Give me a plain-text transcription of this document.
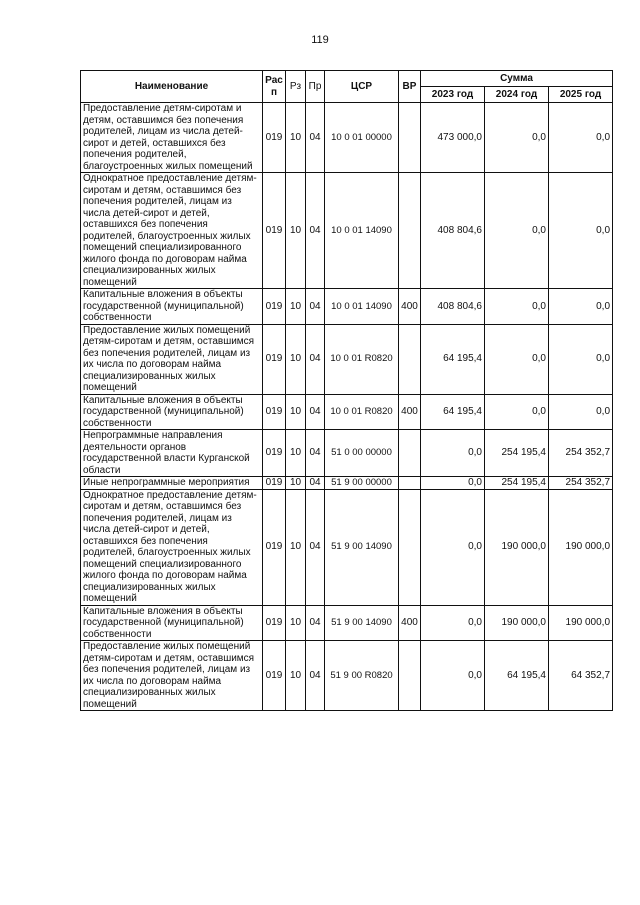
119
Наименование	Рас п	Рз	Пр	ЦСР	ВР	Сумма		
						2023 год	2024 год	2025 год
Предоставление детям-сиротам и детям, оставшимся без попечения родителей, лицам из числа детей-сирот и детей, оставшихся без попечения родителей, благоустроенных жилых помещений	019	10	04	10 0 01 00000		473 000,0	0,0	0,0
Однократное предоставление детям-сиротам и детям, оставшимся без попечения родителей, лицам из числа детей-сирот и детей, оставшихся без попечения родителей, благоустроенных жилых помещений специализированного жилого фонда по договорам найма специализированных жилых помещений	019	10	04	10 0 01 14090		408 804,6	0,0	0,0
Капитальные вложения в объекты государственной (муниципальной) собственности	019	10	04	10 0 01 14090	400	408 804,6	0,0	0,0
Предоставление жилых помещений детям-сиротам и детям, оставшимся без попечения родителей, лицам из их числа по договорам найма специализированных жилых помещений	019	10	04	10 0 01 R0820		64 195,4	0,0	0,0
Капитальные вложения в объекты государственной (муниципальной) собственности	019	10	04	10 0 01 R0820	400	64 195,4	0,0	0,0
Непрограммные направления деятельности органов государственной власти Курганской области	019	10	04	51 0 00 00000		0,0	254 195,4	254 352,7
Иные непрограммные мероприятия	019	10	04	51 9 00 00000		0,0	254 195,4	254 352,7
Однократное предоставление детям-сиротам и детям, оставшимся без попечения родителей, лицам из числа детей-сирот и детей, оставшихся без попечения родителей, благоустроенных жилых помещений специализированного жилого фонда по договорам найма специализированных жилых помещений	019	10	04	51 9 00 14090		0,0	190 000,0	190 000,0
Капитальные вложения в объекты государственной (муниципальной) собственности	019	10	04	51 9 00 14090	400	0,0	190 000,0	190 000,0
Предоставление жилых помещений детям-сиротам и детям, оставшимся без попечения родителей, лицам из их числа по договорам найма специализированных жилых помещений	019	10	04	51 9 00 R0820		0,0	64 195,4	64 352,7
